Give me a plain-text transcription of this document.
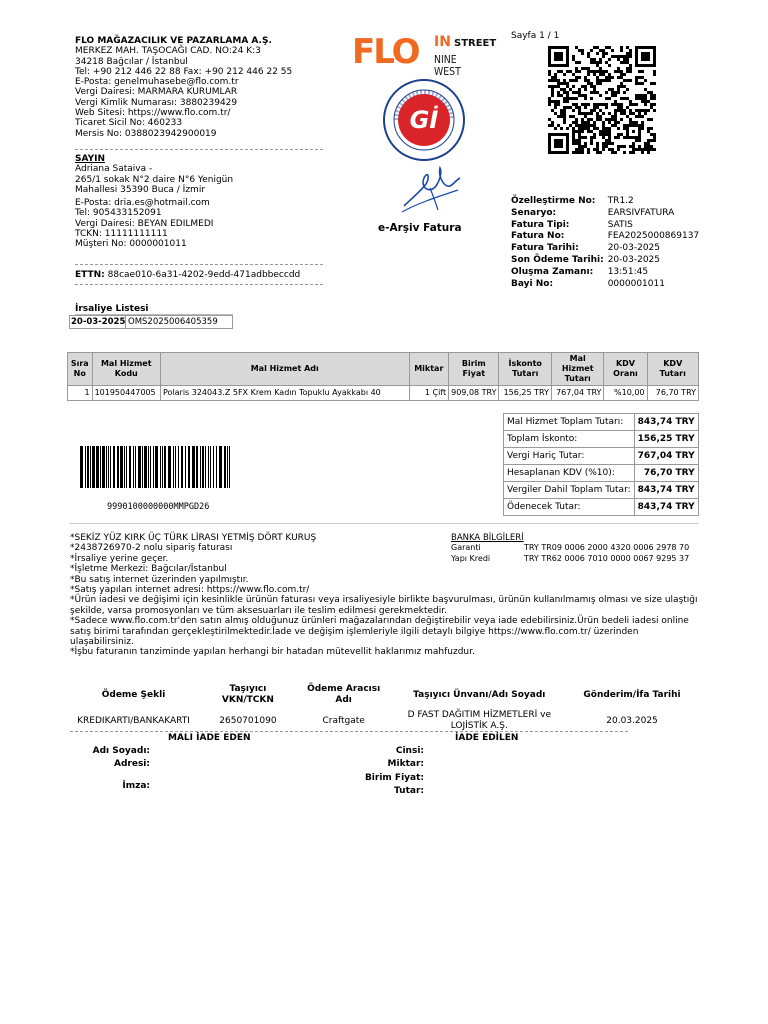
FLO MAĞAZACILIK VE PAZARLAMA A.Ş.
MERKEZ MAH. TAŞOCAĞI CAD. NO:24 K:3
34218 Bağcılar / İstanbul
Tel: +90 212 446 22 88 Fax: +90 212 446 22 55
E-Posta: genelmuhasebe@flo.com.tr
Vergi Dairesi: MARMARA KURUMLAR
Vergi Kimlik Numarası: 3880239429
Web Sitesi: https://www.flo.com.tr/
Ticaret Sicil No: 460233
Mersis No: 0388023942900019
SAYIN
Adriana Sataiva -
265/1 sokak N°2 daire N°6 Yenigün
Mahallesi 35390 Buca / İzmir
E-Posta: dria.es@hotmail.com
Tel: 905433152091
Vergi Dairesi: BEYAN EDILMEDI
TCKN: 11111111111
Müşteri No: 0000001011
ETTN: 88cae010-6a31-4202-9edd-471adbbeccdd
FLO IN STREET
NINE WEST
Gİ
e-Arşiv Fatura
Sayfa 1 / 1
Özelleştirme No:	TR1.2
Senaryo:	EARSIVFATURA
Fatura Tipi:	SATIS
Fatura No:	FEA2025000869137
Fatura Tarihi:	20-03-2025
Son Ödeme Tarihi:	20-03-2025
Oluşma Zamanı:	13:51:45
Bayi No:	0000001011
İrsaliye Listesi
20-03-2025 OMS2025006405359
Sıra No	Mal Hizmet Kodu	Mal Hizmet Adı	Miktar	Birim Fiyat	İskonto Tutarı	Mal Hizmet Tutarı	KDV Oranı	KDV Tutarı
1	101950447005	Polaris 324043.Z 5FX Krem Kadın Topuklu Ayakkabı 40	1 Çift	909,08 TRY	156,25 TRY	767,04 TRY	%10,00	76,70 TRY
Mal Hizmet Toplam Tutarı:	843,74 TRY
Toplam İskonto:	156,25 TRY
Vergi Hariç Tutar:	767,04 TRY
Hesaplanan KDV (%10):	76,70 TRY
Vergiler Dahil Toplam Tutar:	843,74 TRY
Ödenecek Tutar:	843,74 TRY
9990100000000MMPGD26
BANKA BİLGİLERİ
Garanti	TRY TR09 0006 2000 4320 0006 2978 70
Yapı Kredi	TRY TR62 0006 7010 0000 0067 9295 37
*SEKİZ YÜZ KIRK ÜÇ TÜRK LİRASI YETMİŞ DÖRT KURUŞ
*2438726970-2 nolu sipariş faturası
*İrsaliye yerine geçer.
*İşletme Merkezi: Bağcılar/İstanbul
*Bu satış internet üzerinden yapılmıştır.
*Satış yapılan internet adresi: https://www.flo.com.tr/
*Ürün iadesi ve değişimi için kesinlikle ürünün faturası veya irsaliyesiyle birlikte başvurulması, ürünün kullanılmamış olması ve size ulaştığı şekilde, varsa promosyonları ve tüm aksesuarları ile teslim edilmesi gerekmektedir.
*Sadece www.flo.com.tr'den satın almış olduğunuz ürünleri mağazalarından değiştirebilir veya iade edebilirsiniz.Ürün bedeli iadesi online satış birimi tarafından gerçekleştirilmektedir.İade ve değişim işlemleriyle ilgili detaylı bilgiye https://www.flo.com.tr/ üzerinden ulaşabilirsiniz.
*İşbu faturanın tanziminde yapılan herhangi bir hatadan mütevellit haklarımız mahfuzdur.
Ödeme Şekli	Taşıyıcı VKN/TCKN	Ödeme Aracısı Adı	Taşıyıcı Ünvanı/Adı Soyadı	Gönderim/İfa Tarihi
KREDIKARTI/BANKAKARTI	2650701090	Craftgate	D FAST DAĞITIM HİZMETLERİ ve LOJİSTİK A.Ş.	20.03.2025
MALI İADE EDEN	İADE EDİLEN
Adı Soyadı:
Adresi:
İmza:
Cinsi:
Miktar:
Birim Fiyat:
Tutar:
